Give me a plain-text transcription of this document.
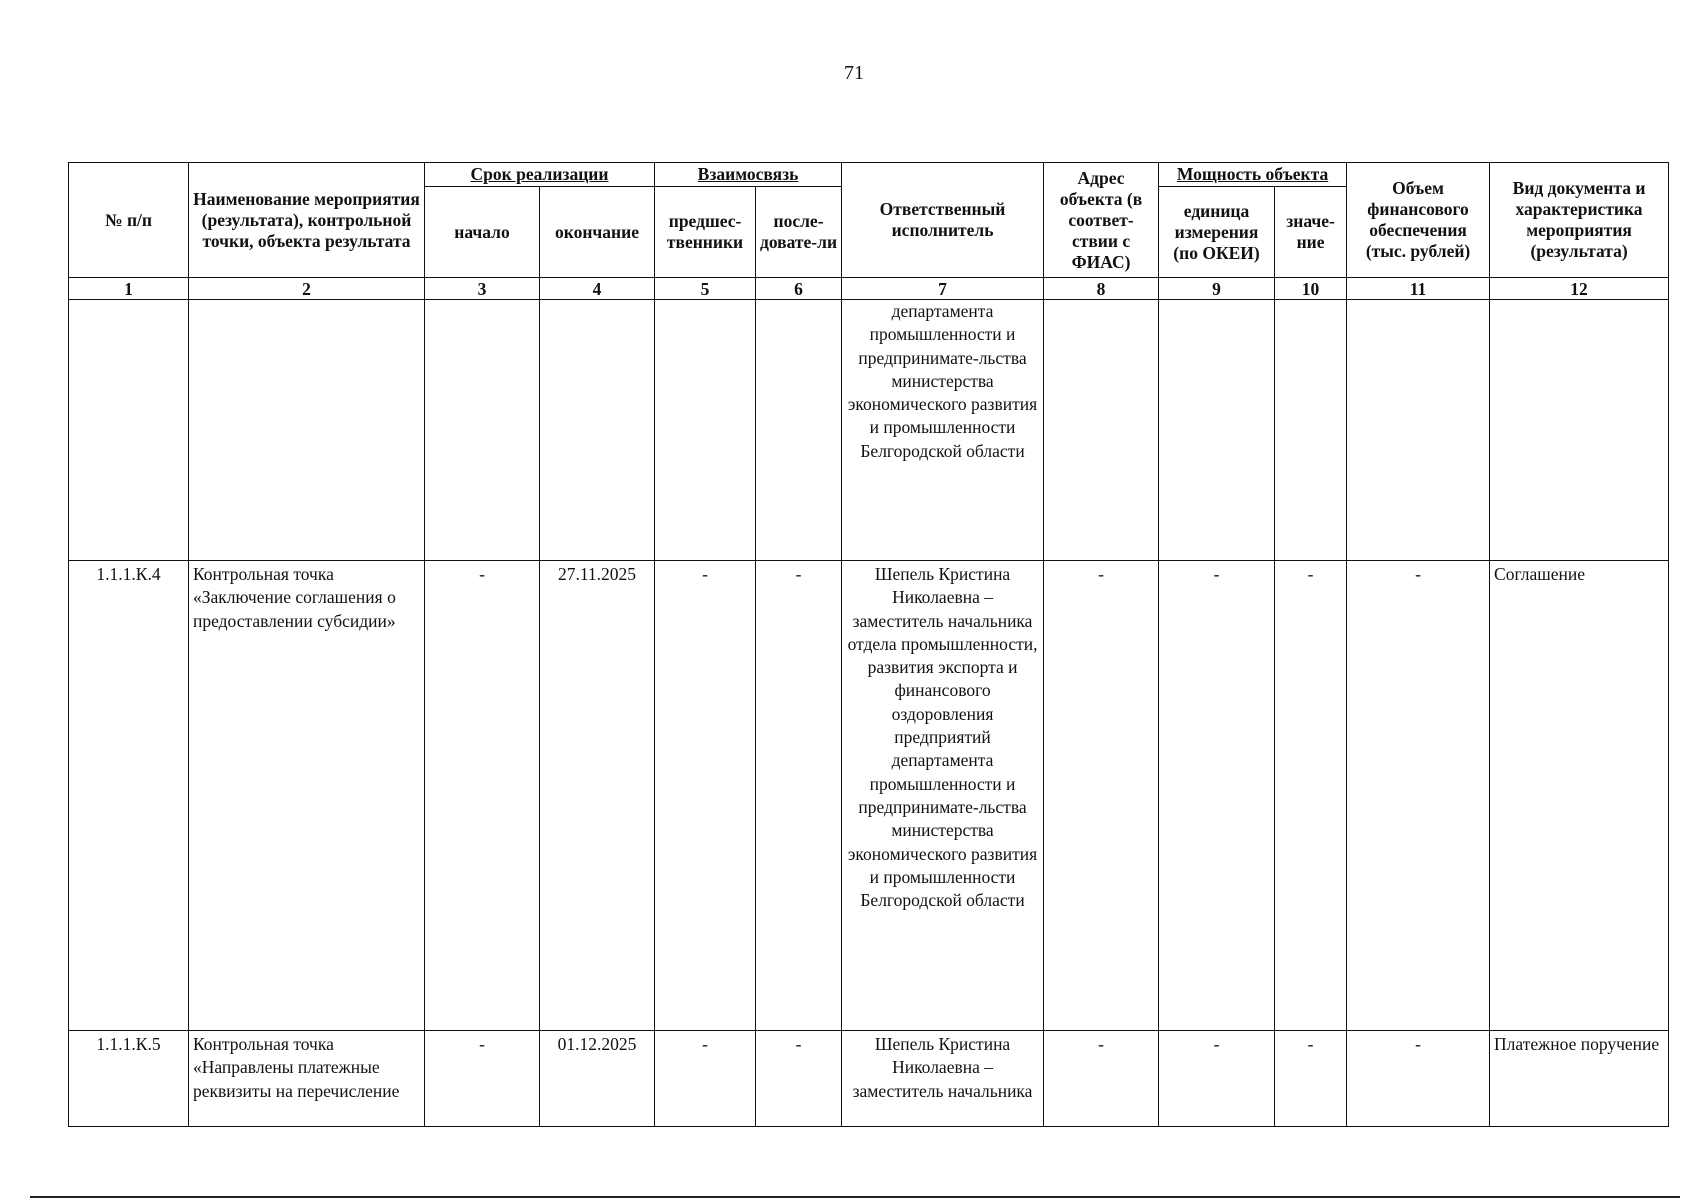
71
№ п/п	Наименование мероприятия (результата), контрольной точки, объекта результата	Срок реализации		Взаимосвязь		Ответственный исполнитель	Адрес объекта (в соответ-ствии с ФИАС)	Мощность объекта		Объем финансового обеспечения (тыс. рублей)	Вид документа и характеристика мероприятия (результата)
		начало	окончание	предшес-твенники	после-довате-ли			единица измерения (по ОКЕИ)	значе-ние		
1	2	3	4	5	6	7	8	9	10	11	12
						департамента промышленности и предпринимате-льства министерства экономического развития и промышленности Белгородской области					
1.1.1.К.4	Контрольная точка «Заключение соглашения о предоставлении субсидии»	-	27.11.2025	-	-	Шепель Кристина Николаевна – заместитель начальника отдела промышленности, развития экспорта и финансового оздоровления предприятий департамента промышленности и предпринимате-льства министерства экономического развития и промышленности Белгородской области	-	-	-	-	Соглашение
1.1.1.К.5	Контрольная точка «Направлены платежные реквизиты на перечисление	-	01.12.2025	-	-	Шепель Кристина Николаевна – заместитель начальника	-	-	-	-	Платежное поручение
